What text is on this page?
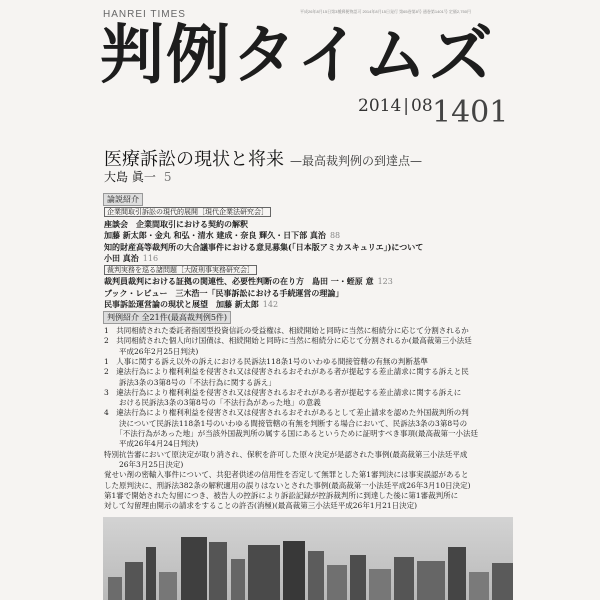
HANREI TIMES	平成26年8月15日第3種郵便物認可 2014年8月15日発行 第65巻第8号 通巻第1401号 定価2,750円
判例タイムズ
2014 | 08 1401
医療訴訟の現状と将来 —最高裁判例の到達点—
大島 眞一 5
論説紹介
企業間取引訴訟の現代的展開［現代企業法研究会］
座談会　企業間取引における契約の解釈
加藤 新太郎・金丸 和弘・清水 建成・奈良 輝久・日下部 真治 88
知的財産高等裁判所の大合議事件における意見募集(「日本版アミカスキュリエ」)について
小田 真治 116
裁判実務を巡る諸問題［大阪刑事実務研究会］
裁判員裁判における証拠の関連性、必要性判断の在り方　島田 一・蛭原 意 123
ブック・レビュー　三木浩一「民事訴訟における手続運営の理論」
民事訴訟運営論の現状と展望　加藤 新太郎 142
判例紹介 全21件(最高裁判例5件)
1　共同相続された委託者指図型投資信託の受益権は、相続開始と同時に当然に相続分に応じて分割されるか
2　共同相続された個人向け国債は、相続開始と同時に当然に相続分に応じて分割されるか(最高裁第三小法廷
　　平成26年2月25日判決)
1　人事に関する訴え以外の訴えにおける民訴法118条1号のいわゆる間接管轄の有無の判断基準
2　違法行為により権利利益を侵害され又は侵害されるおそれがある者が提起する差止請求に関する訴えと民
　　訴法3条の3第8号の「不法行為に関する訴え」
3　違法行為により権利利益を侵害され又は侵害されるおそれがある者が提起する差止請求に関する訴えに
　　おける民訴法3条の3第8号の「不法行為があった地」の意義
4　違法行為により権利利益を侵害され又は侵害されるおそれがあるとして差止請求を認めた外国裁判所の判
　　決について民訴法118条1号のいわゆる間接管轄の有無を判断する場合において、民訴法3条の3第8号の
　　「不法行為があった地」が当該外国裁判所の属する国にあるというために証明すべき事項(最高裁第一小法廷
　　平成26年4月24日判決)
特別抗告審において原決定が取り消され、保釈を許可した原々決定が是認された事例(最高裁第三小法廷平成
　　26年3月25日決定)
覚せい剤の密輸入事件について、共犯者供述の信用性を否定して無罪とした第1審判決には事実誤認があると
した原判決に、刑訴法382条の解釈適用の誤りはないとされた事例(最高裁第一小法廷平成26年3月10日決定)
第1審で開始された勾留につき、被告人の控訴により訴訟記録が控訴裁判所に到達した後に第1審裁判所に
対して勾留理由開示の請求をすることの許否(消極)(最高裁第三小法廷平成26年1月21日決定)
